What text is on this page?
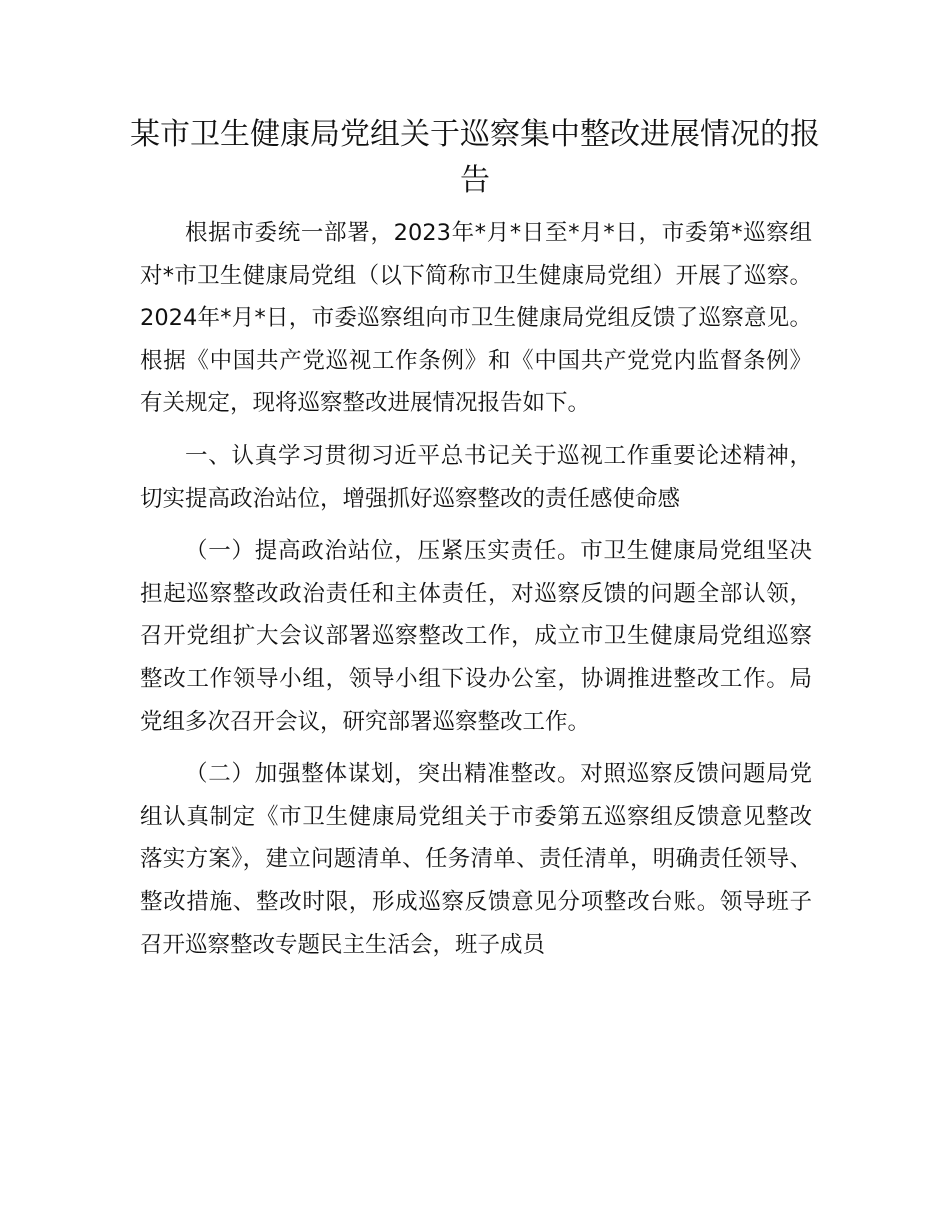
某市卫生健康局党组关于巡察集中整改进展情况的报告

根据市委统一部署，2023年*月*日至*月*日，市委第*巡察组对*市卫生健康局党组（以下简称市卫生健康局党组）开展了巡察。2024年*月*日，市委巡察组向市卫生健康局党组反馈了巡察意见。根据《中国共产党巡视工作条例》和《中国共产党党内监督条例》有关规定，现将巡察整改进展情况报告如下。

一、认真学习贯彻习近平总书记关于巡视工作重要论述精神，切实提高政治站位，增强抓好巡察整改的责任感使命感

（一）提高政治站位，压紧压实责任。市卫生健康局党组坚决担起巡察整改政治责任和主体责任，对巡察反馈的问题全部认领，召开党组扩大会议部署巡察整改工作，成立市卫生健康局党组巡察整改工作领导小组，领导小组下设办公室，协调推进整改工作。局党组多次召开会议，研究部署巡察整改工作。

（二）加强整体谋划，突出精准整改。对照巡察反馈问题局党组认真制定《市卫生健康局党组关于市委第五巡察组反馈意见整改落实方案》，建立问题清单、任务清单、责任清单，明确责任领导、整改措施、整改时限，形成巡察反馈意见分项整改台账。领导班子召开巡察整改专题民主生活会，班子成员
